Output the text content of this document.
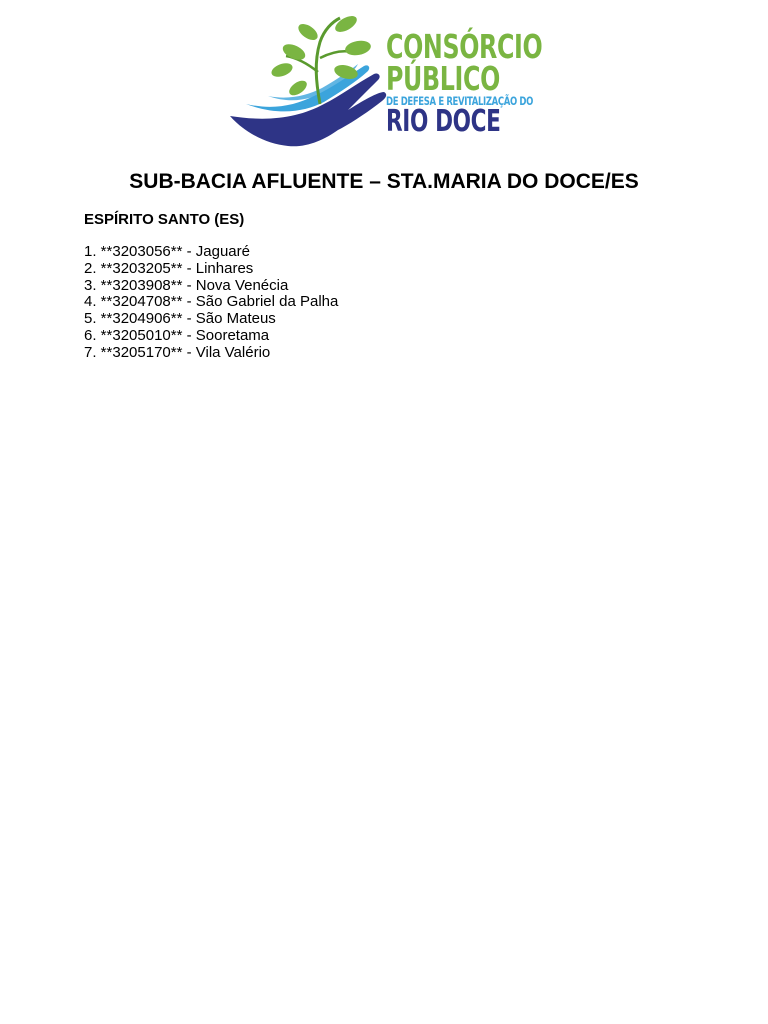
CONSÓRCIO
PÚBLICO
DE DEFESA E REVITALIZAÇÃO DO
RIO DOCE
SUB-BACIA AFLUENTE – STA.MARIA DO DOCE/ES
ESPÍRITO SANTO (ES)
1. **3203056** - Jaguaré
2. **3203205** - Linhares
3. **3203908** - Nova Venécia
4. **3204708** - São Gabriel da Palha
5. **3204906** - São Mateus
6. **3205010** - Sooretama
7. **3205170** - Vila Valério
